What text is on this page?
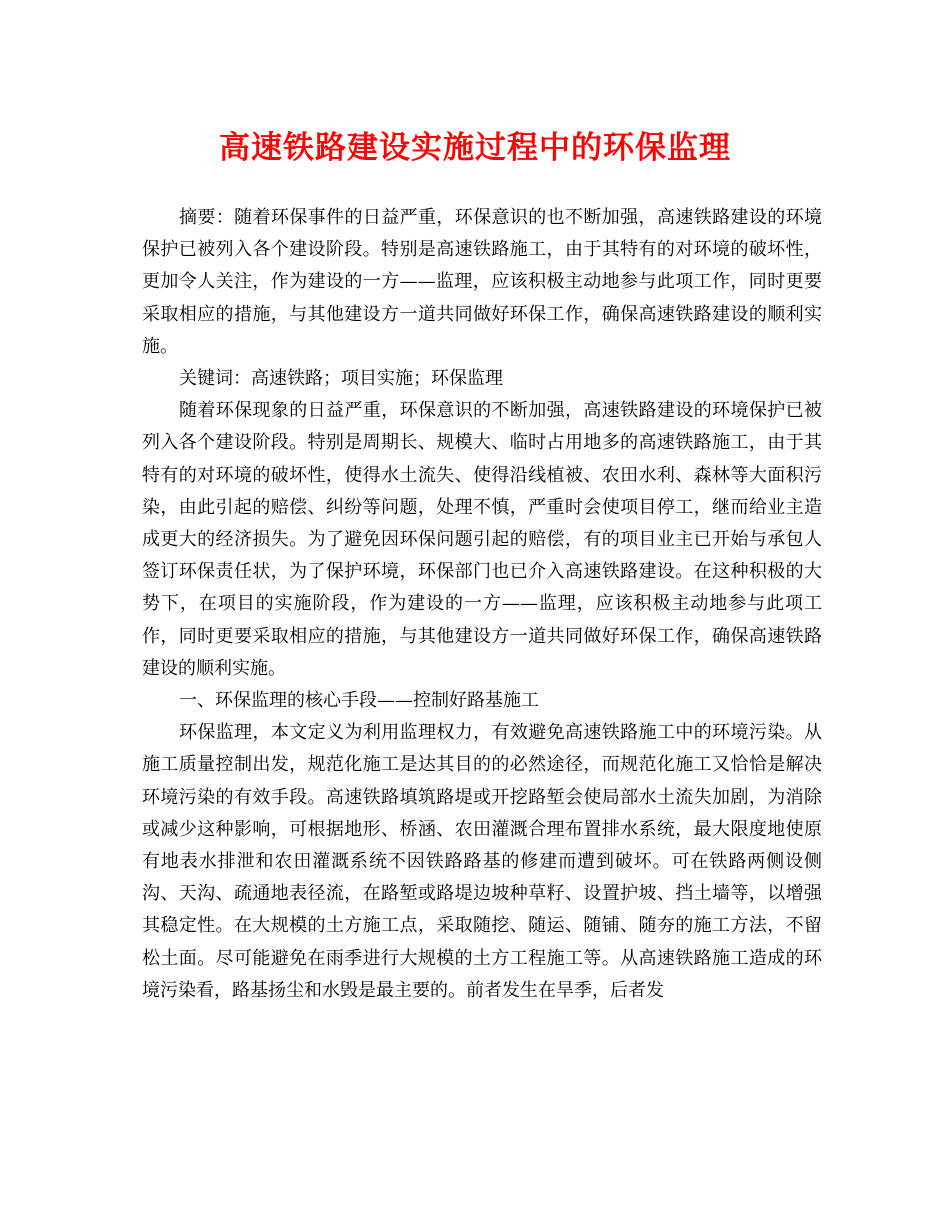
高速铁路建设实施过程中的环保监理

摘要：随着环保事件的日益严重，环保意识的也不断加强，高速铁路建设的环境保护已被列入各个建设阶段。特别是高速铁路施工，由于其特有的对环境的破坏性，更加令人关注，作为建设的一方——监理，应该积极主动地参与此项工作，同时更要采取相应的措施，与其他建设方一道共同做好环保工作，确保高速铁路建设的顺利实施。

关键词：高速铁路；项目实施；环保监理

随着环保现象的日益严重，环保意识的不断加强，高速铁路建设的环境保护已被列入各个建设阶段。特别是周期长、规模大、临时占用地多的高速铁路施工，由于其特有的对环境的破坏性，使得水土流失、使得沿线植被、农田水利、森林等大面积污染，由此引起的赔偿、纠纷等问题，处理不慎，严重时会使项目停工，继而给业主造成更大的经济损失。为了避免因环保问题引起的赔偿，有的项目业主已开始与承包人签订环保责任状，为了保护环境，环保部门也已介入高速铁路建设。在这种积极的大势下，在项目的实施阶段，作为建设的一方——监理，应该积极主动地参与此项工作，同时更要采取相应的措施，与其他建设方一道共同做好环保工作，确保高速铁路建设的顺利实施。

一、环保监理的核心手段——控制好路基施工

环保监理，本文定义为利用监理权力，有效避免高速铁路施工中的环境污染。从施工质量控制出发，规范化施工是达其目的的必然途径，而规范化施工又恰恰是解决环境污染的有效手段。高速铁路填筑路堤或开挖路堑会使局部水土流失加剧，为消除或减少这种影响，可根据地形、桥涵、农田灌溉合理布置排水系统，最大限度地使原有地表水排泄和农田灌溉系统不因铁路路基的修建而遭到破坏。可在铁路两侧设侧沟、天沟、疏通地表径流，在路堑或路堤边坡种草籽、设置护坡、挡土墙等，以增强其稳定性。在大规模的土方施工点，采取随挖、随运、随铺、随夯的施工方法，不留松土面。尽可能避免在雨季进行大规模的土方工程施工等。从高速铁路施工造成的环境污染看，路基扬尘和水毁是最主要的。前者发生在旱季，后者发
